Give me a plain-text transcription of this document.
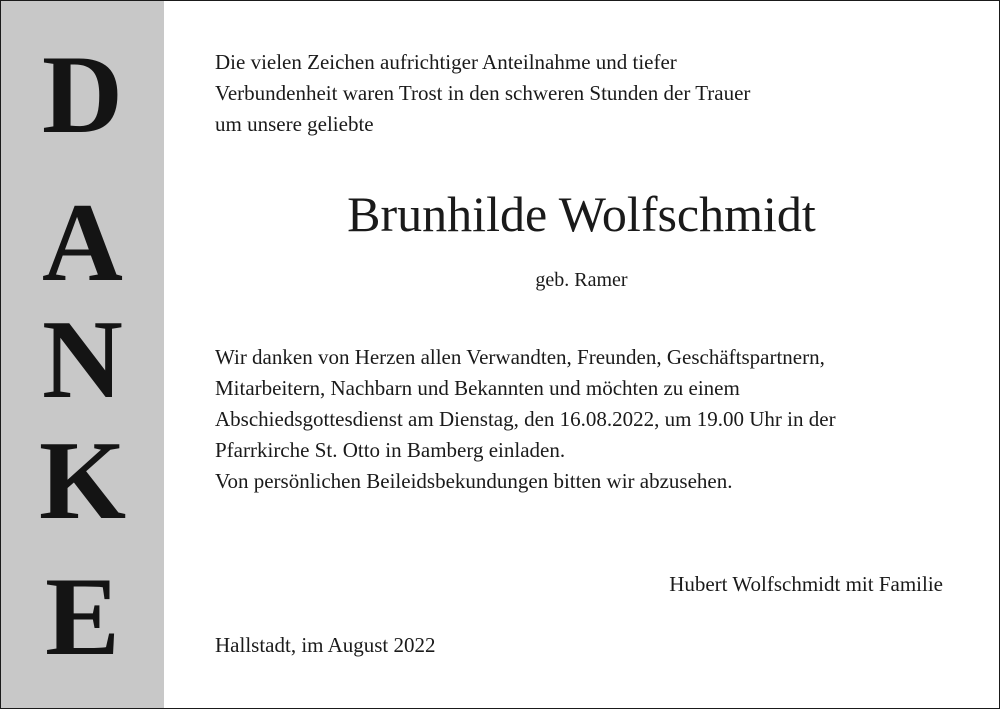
D
A
N
K
E
Die vielen Zeichen aufrichtiger Anteilnahme und tiefer
Verbundenheit waren Trost in den schweren Stunden der Trauer
um unsere geliebte
Brunhilde Wolfschmidt
geb. Ramer
Wir danken von Herzen allen Verwandten, Freunden, Geschäftspartnern,
Mitarbeitern, Nachbarn und Bekannten und möchten zu einem
Abschiedsgottesdienst am Dienstag, den 16.08.2022, um 19.00 Uhr in der
Pfarrkirche St. Otto in Bamberg einladen.
Von persönlichen Beileidsbekundungen bitten wir abzusehen.
Hubert Wolfschmidt mit Familie
Hallstadt, im August 2022
